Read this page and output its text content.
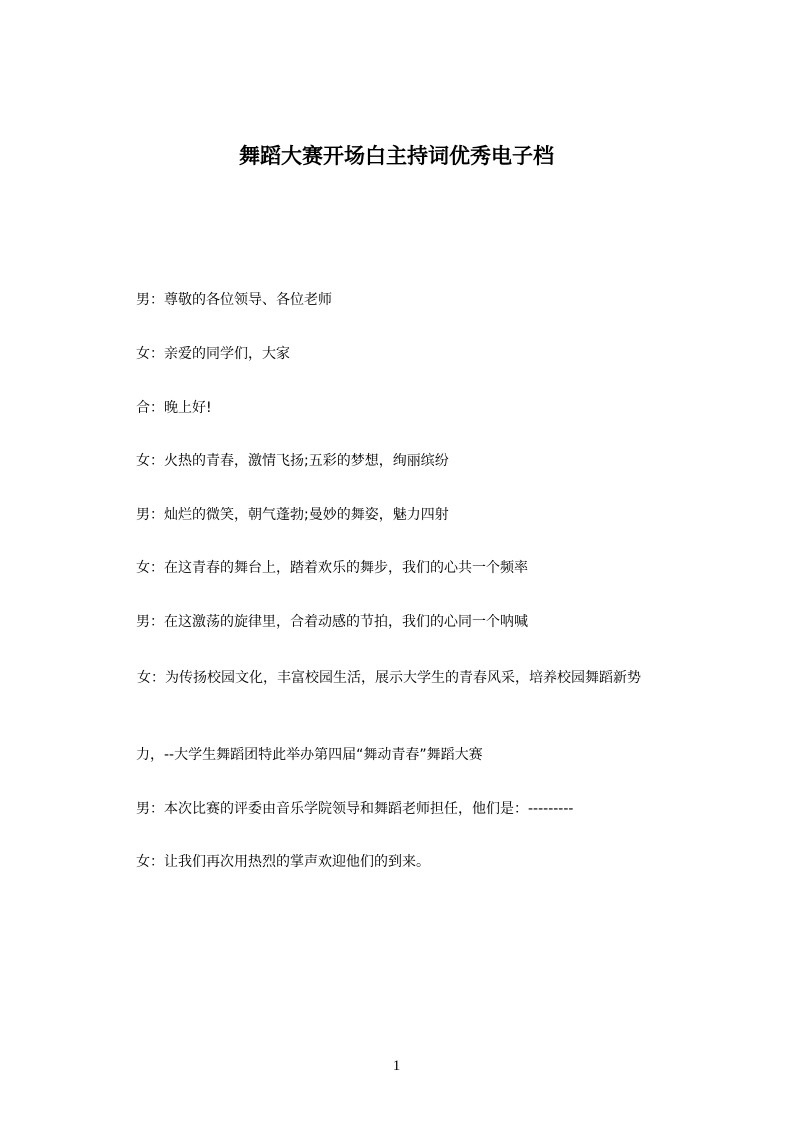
舞蹈大赛开场白主持词优秀电子档

男：尊敬的各位领导、各位老师

女：亲爱的同学们，大家

合：晚上好!

女：火热的青春，激情飞扬;五彩的梦想，绚丽缤纷

男：灿烂的微笑，朝气蓬勃;曼妙的舞姿，魅力四射

女：在这青春的舞台上，踏着欢乐的舞步，我们的心共一个频率

男：在这激荡的旋律里，合着动感的节拍，我们的心同一个呐喊

女：为传扬校园文化，丰富校园生活，展示大学生的青春风采，培养校园舞蹈新势

力，--大学生舞蹈团特此举办第四届“舞动青春”舞蹈大赛

男：本次比赛的评委由音乐学院领导和舞蹈老师担任，他们是：---------

女：让我们再次用热烈的掌声欢迎他们的到来。

1
